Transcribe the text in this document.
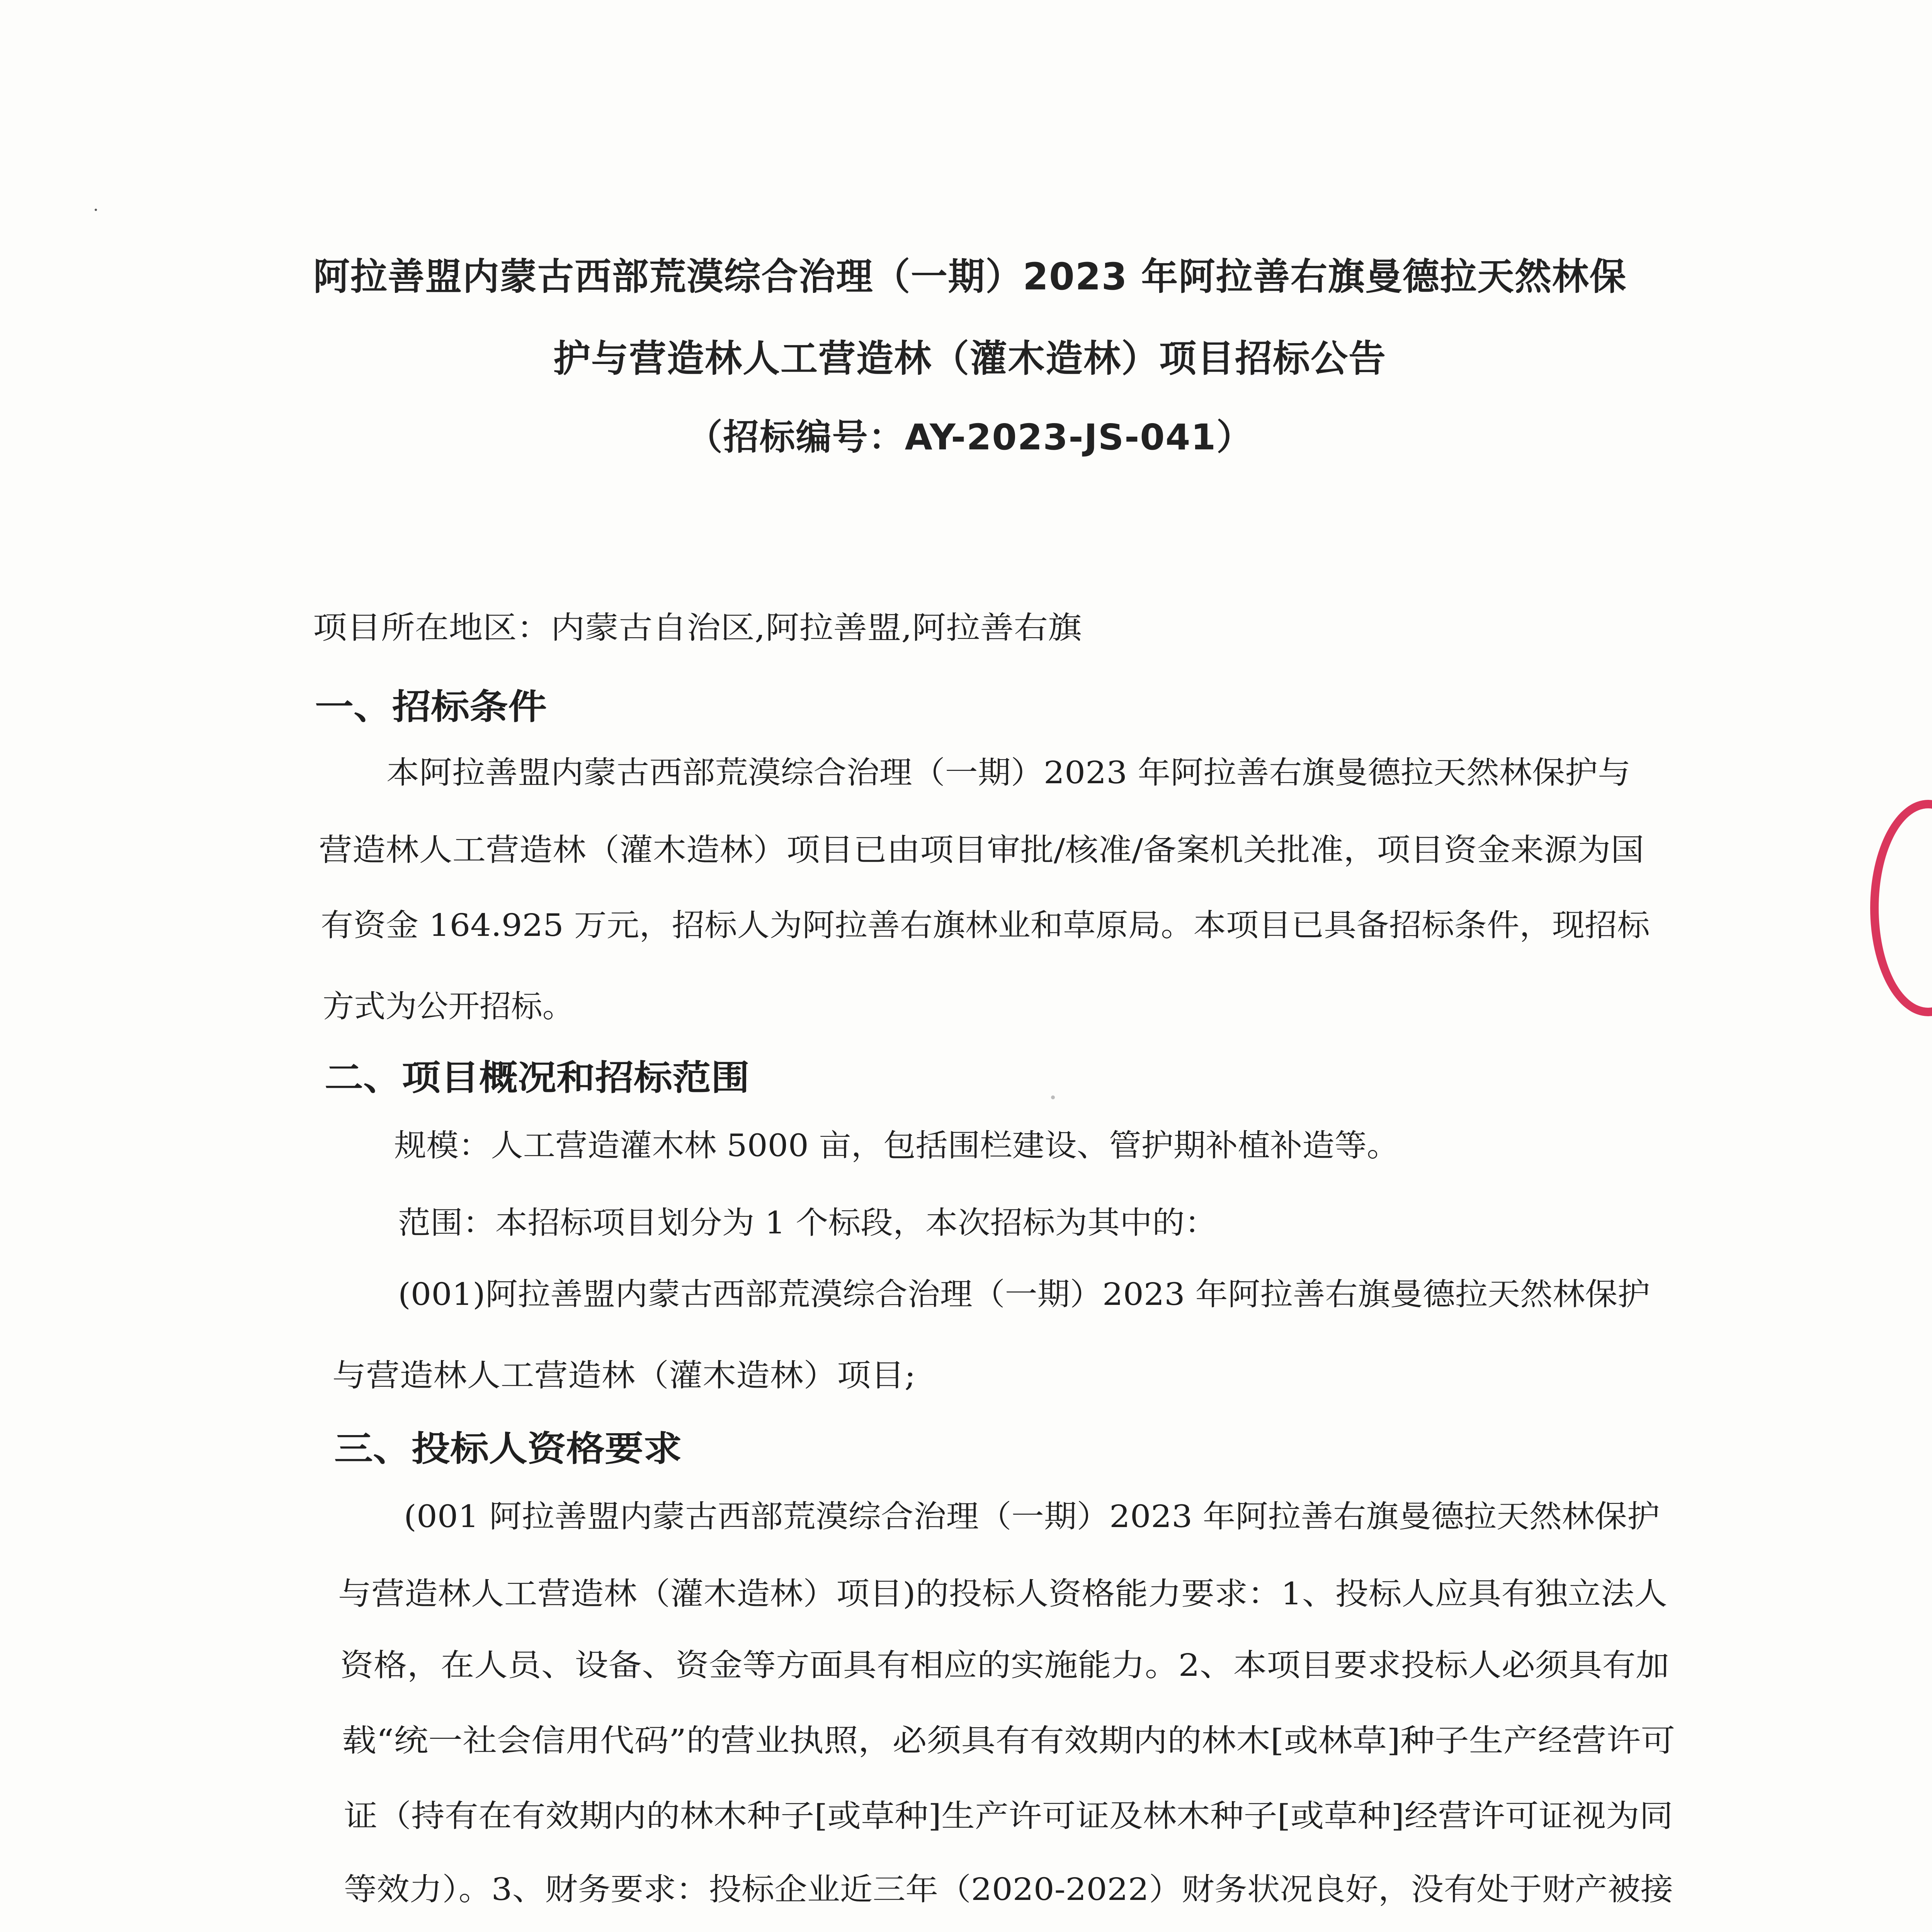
阿拉善盟内蒙古西部荒漠综合治理（一期）2023 年阿拉善右旗曼德拉天然林保
护与营造林人工营造林（灌木造林）项目招标公告
（招标编号：AY-2023-JS-041）
项目所在地区：内蒙古自治区,阿拉善盟,阿拉善右旗
一、招标条件
本阿拉善盟内蒙古西部荒漠综合治理（一期）2023 年阿拉善右旗曼德拉天然林保护与
营造林人工营造林（灌木造林）项目已由项目审批/核准/备案机关批准，项目资金来源为国
有资金 164.925 万元，招标人为阿拉善右旗林业和草原局。本项目已具备招标条件，现招标
方式为公开招标。
二、项目概况和招标范围
规模：人工营造灌木林 5000 亩，包括围栏建设、管护期补植补造等。
范围：本招标项目划分为 1 个标段，本次招标为其中的：
(001)阿拉善盟内蒙古西部荒漠综合治理（一期）2023 年阿拉善右旗曼德拉天然林保护
与营造林人工营造林（灌木造林）项目;
三、投标人资格要求
(001 阿拉善盟内蒙古西部荒漠综合治理（一期）2023 年阿拉善右旗曼德拉天然林保护
与营造林人工营造林（灌木造林）项目)的投标人资格能力要求：1、投标人应具有独立法人
资格，在人员、设备、资金等方面具有相应的实施能力。2、本项目要求投标人必须具有加
载“统一社会信用代码”的营业执照，必须具有有效期内的林木[或林草]种子生产经营许可
证（持有在有效期内的林木种子[或草种]生产许可证及林木种子[或草种]经营许可证视为同
等效力）。3、财务要求：投标企业近三年（2020-2022）财务状况良好，没有处于财产被接
